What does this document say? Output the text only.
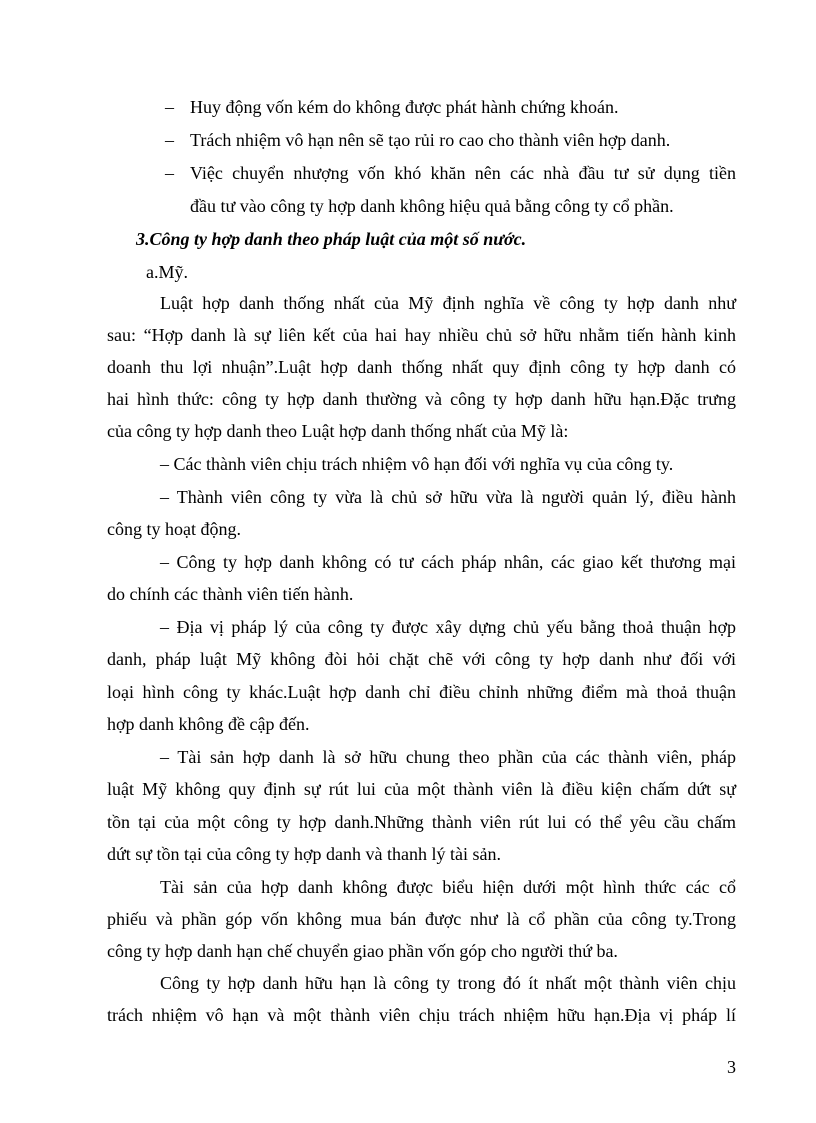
– Huy động vốn kém do không được phát hành chứng khoán.
– Trách nhiệm vô hạn nên sẽ tạo rủi ro cao cho thành viên hợp danh.
– Việc chuyển nhượng vốn khó khăn nên các nhà đầu tư sử dụng tiền
đầu tư vào công ty hợp danh không hiệu quả bằng công ty cổ phần.
3.Công ty hợp danh theo pháp luật của một số nước.
a.Mỹ.
Luật hợp danh thống nhất của Mỹ định nghĩa về công ty hợp danh như
sau: “Hợp danh là sự liên kết của hai hay nhiều chủ sở hữu nhằm tiến hành kinh
doanh thu lợi nhuận”.Luật hợp danh thống nhất quy định công ty hợp danh có
hai hình thức: công ty hợp danh thường và công ty hợp danh hữu hạn.Đặc trưng
của công ty hợp danh theo Luật hợp danh thống nhất của Mỹ là:
– Các thành viên chịu trách nhiệm vô hạn đối với nghĩa vụ của công ty.
– Thành viên công ty vừa là chủ sở hữu vừa là người quản lý, điều hành
công ty hoạt động.
– Công ty hợp danh không có tư cách pháp nhân, các giao kết thương mại
do chính các thành viên tiến hành.
– Địa vị pháp lý của công ty được xây dựng chủ yếu bằng thoả thuận hợp
danh, pháp luật Mỹ không đòi hỏi chặt chẽ với công ty hợp danh như đối với
loại hình công ty khác.Luật hợp danh chỉ điều chỉnh những điểm mà thoả thuận
hợp danh không đề cập đến.
– Tài sản hợp danh là sở hữu chung theo phần của các thành viên, pháp
luật Mỹ không quy định sự rút lui của một thành viên là điều kiện chấm dứt sự
tồn tại của một công ty hợp danh.Những thành viên rút lui có thể yêu cầu chấm
dứt sự tồn tại của công ty hợp danh và thanh lý tài sản.
Tài sản của hợp danh không được biểu hiện dưới một hình thức các cổ
phiếu và phần góp vốn không mua bán được như là cổ phần của công ty.Trong
công ty hợp danh hạn chế chuyển giao phần vốn góp cho người thứ ba.
Công ty hợp danh hữu hạn là công ty trong đó ít nhất một thành viên chịu
trách nhiệm vô hạn và một thành viên chịu trách nhiệm hữu hạn.Địa vị pháp lí
3
